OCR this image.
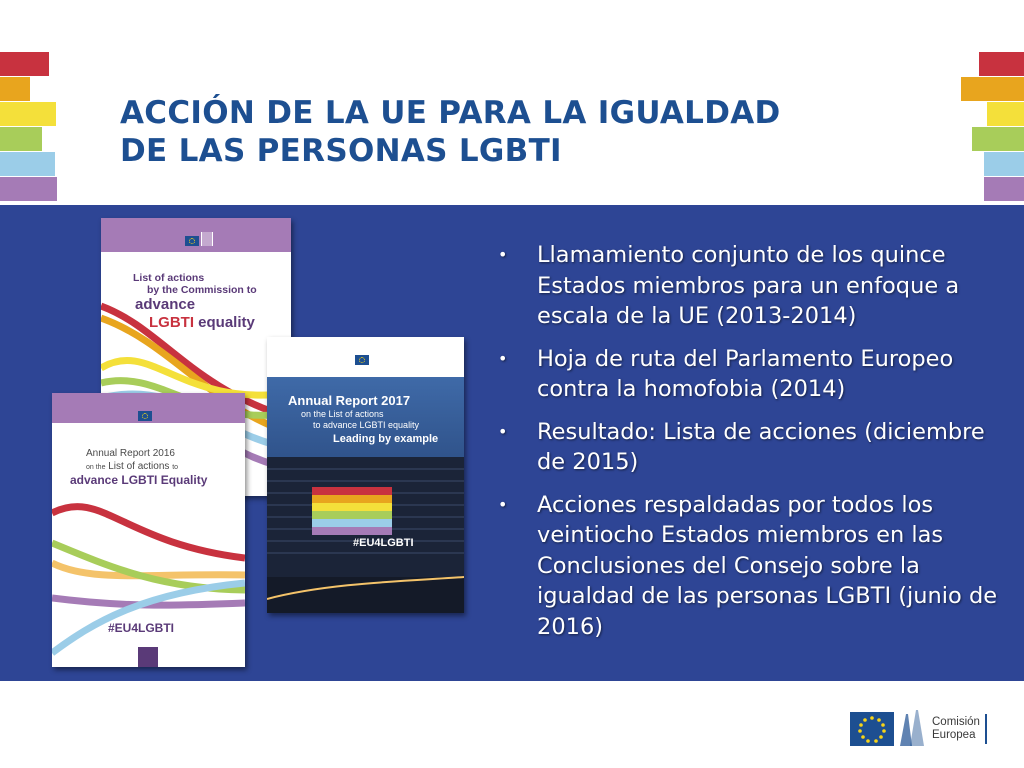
ACCIÓN DE LA UE PARA LA IGUALDAD
DE LAS PERSONAS LGBTI
List of actions
by the Commission to
advance
LGBTI equality
Annual Report 2017
on the List of actions
to advance LGBTI equality
Leading by example
#EU4LGBTI
Annual Report 2016
on the List of actions to
advance LGBTI Equality
#EU4LGBTI
• Llamamiento conjunto de los quince Estados miembros para un enfoque a escala de la UE (2013-2014)
• Hoja de ruta del Parlamento Europeo contra la homofobia (2014)
• Resultado: Lista de acciones (diciembre de 2015)
• Acciones respaldadas por todos los veintiocho Estados miembros en las Conclusiones del Consejo sobre la igualdad de las personas LGBTI (junio de 2016)
Comisión
Europea
